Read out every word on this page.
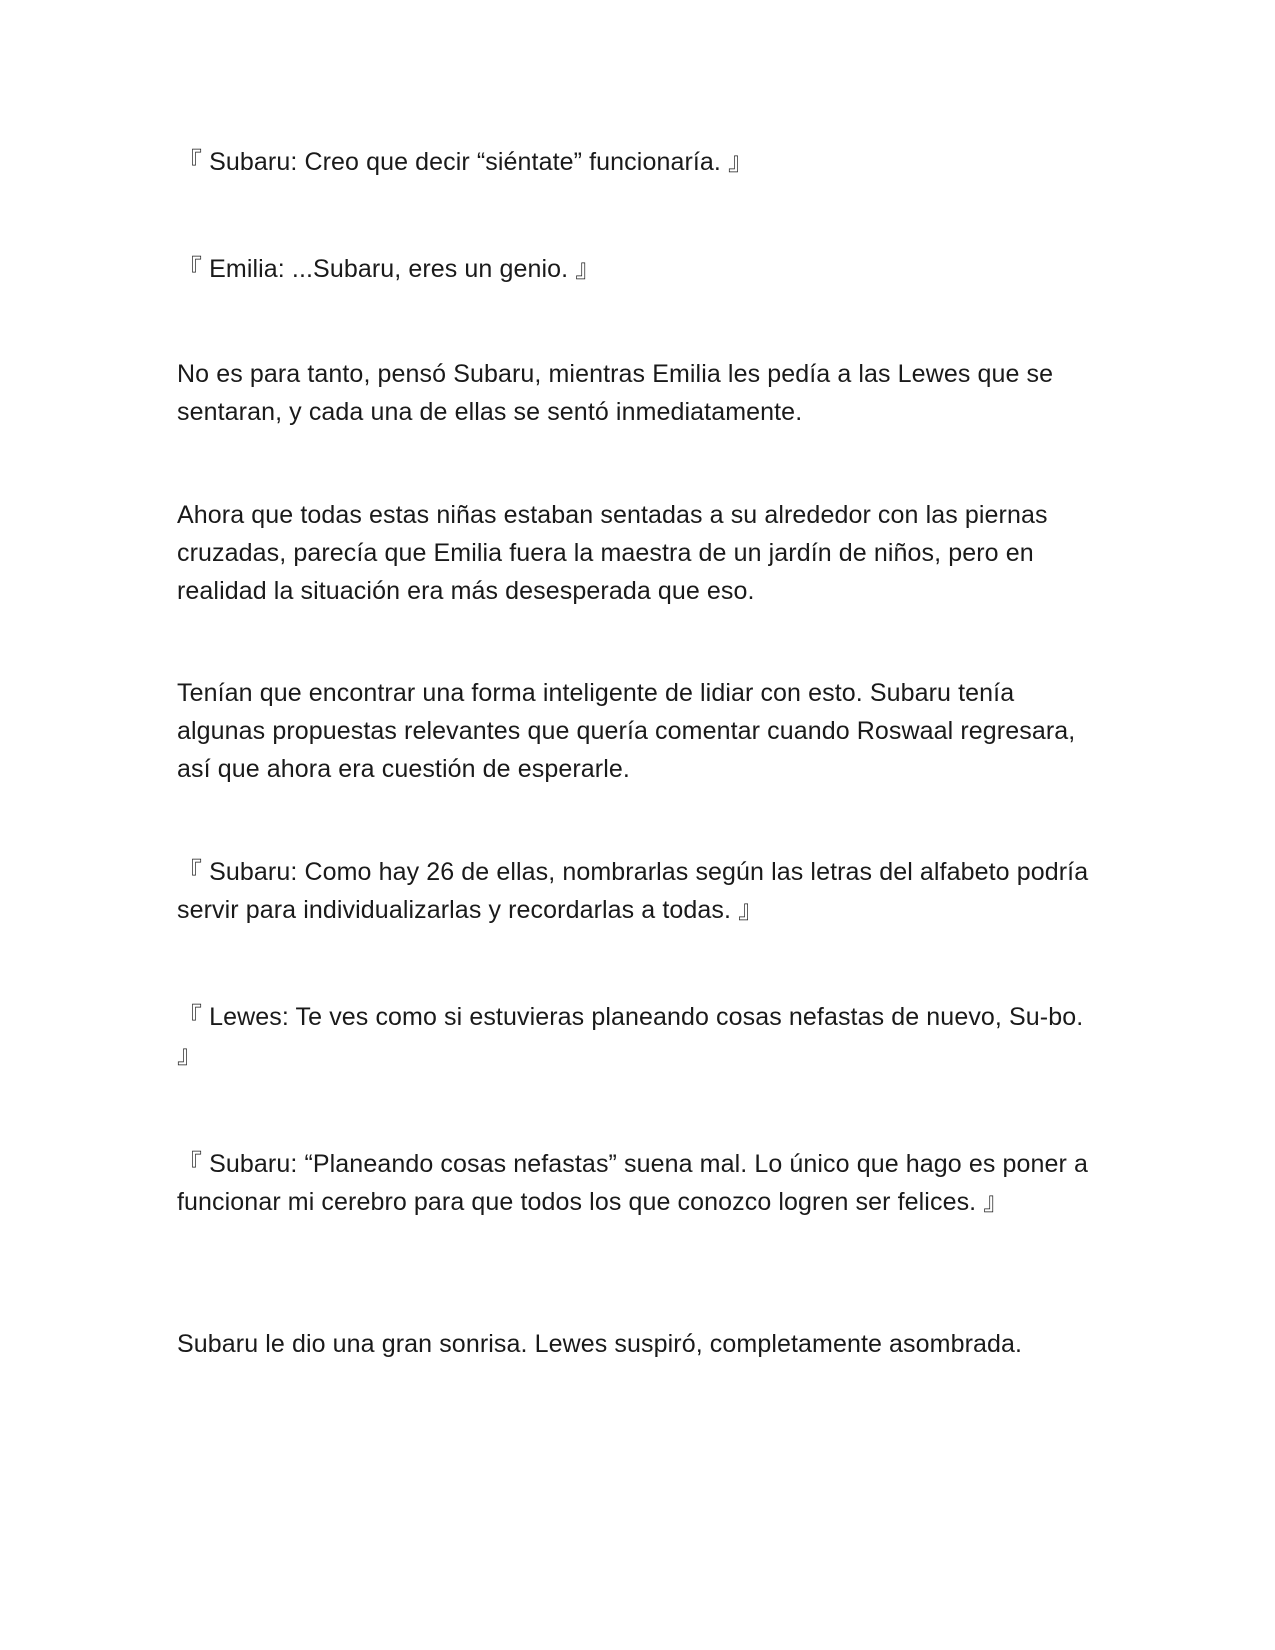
『 Subaru: Creo que decir “siéntate” funcionaría. 』

『 Emilia: ...Subaru, eres un genio. 』

No es para tanto, pensó Subaru, mientras Emilia les pedía a las Lewes que se sentaran, y cada una de ellas se sentó inmediatamente.

Ahora que todas estas niñas estaban sentadas a su alrededor con las piernas cruzadas, parecía que Emilia fuera la maestra de un jardín de niños, pero en realidad la situación era más desesperada que eso.

Tenían que encontrar una forma inteligente de lidiar con esto. Subaru tenía algunas propuestas relevantes que quería comentar cuando Roswaal regresara, así que ahora era cuestión de esperarle.

『 Subaru: Como hay 26 de ellas, nombrarlas según las letras del alfabeto podría servir para individualizarlas y recordarlas a todas. 』

『 Lewes: Te ves como si estuvieras planeando cosas nefastas de nuevo, Su-bo. 』

『 Subaru: “Planeando cosas nefastas” suena mal. Lo único que hago es poner a funcionar mi cerebro para que todos los que conozco logren ser felices. 』

Subaru le dio una gran sonrisa. Lewes suspiró, completamente asombrada.
